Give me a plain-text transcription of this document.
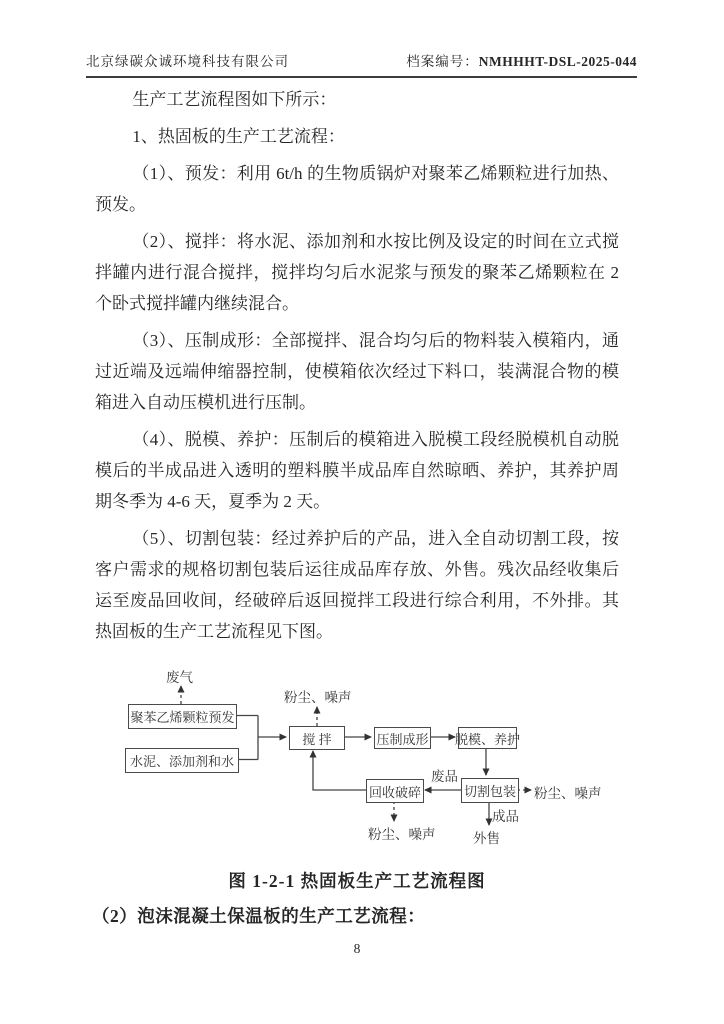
北京绿碳众诚环境科技有限公司	档案编号：NMHHHT-DSL-2025-044

生产工艺流程图如下所示：

1、热固板的生产工艺流程：

（1）、预发：利用 6t/h 的生物质锅炉对聚苯乙烯颗粒进行加热、预发。

（2）、搅拌：将水泥、添加剂和水按比例及设定的时间在立式搅拌罐内进行混合搅拌，搅拌均匀后水泥浆与预发的聚苯乙烯颗粒在 2 个卧式搅拌罐内继续混合。

（3）、压制成形：全部搅拌、混合均匀后的物料装入模箱内，通过近端及远端伸缩器控制，使模箱依次经过下料口，装满混合物的模箱进入自动压模机进行压制。

（4）、脱模、养护：压制后的模箱进入脱模工段经脱模机自动脱模后的半成品进入透明的塑料膜半成品库自然晾晒、养护，其养护周期冬季为 4-6 天，夏季为 2 天。

（5）、切割包装：经过养护后的产品，进入全自动切割工段，按客户需求的规格切割包装后运往成品库存放、外售。残次品经收集后运至废品回收间，经破碎后返回搅拌工段进行综合利用，不外排。其热固板的生产工艺流程见下图。

聚苯乙烯颗粒预发
水泥、添加剂和水
搅 拌	压制成形 脱模、养护
切割包装
回收破碎
废气
粉尘、噪声
废品
粉尘、噪声
成品
外售
粉尘、噪声
图 1-2-1 热固板生产工艺流程图
（2）泡沫混凝土保温板的生产工艺流程：
8
